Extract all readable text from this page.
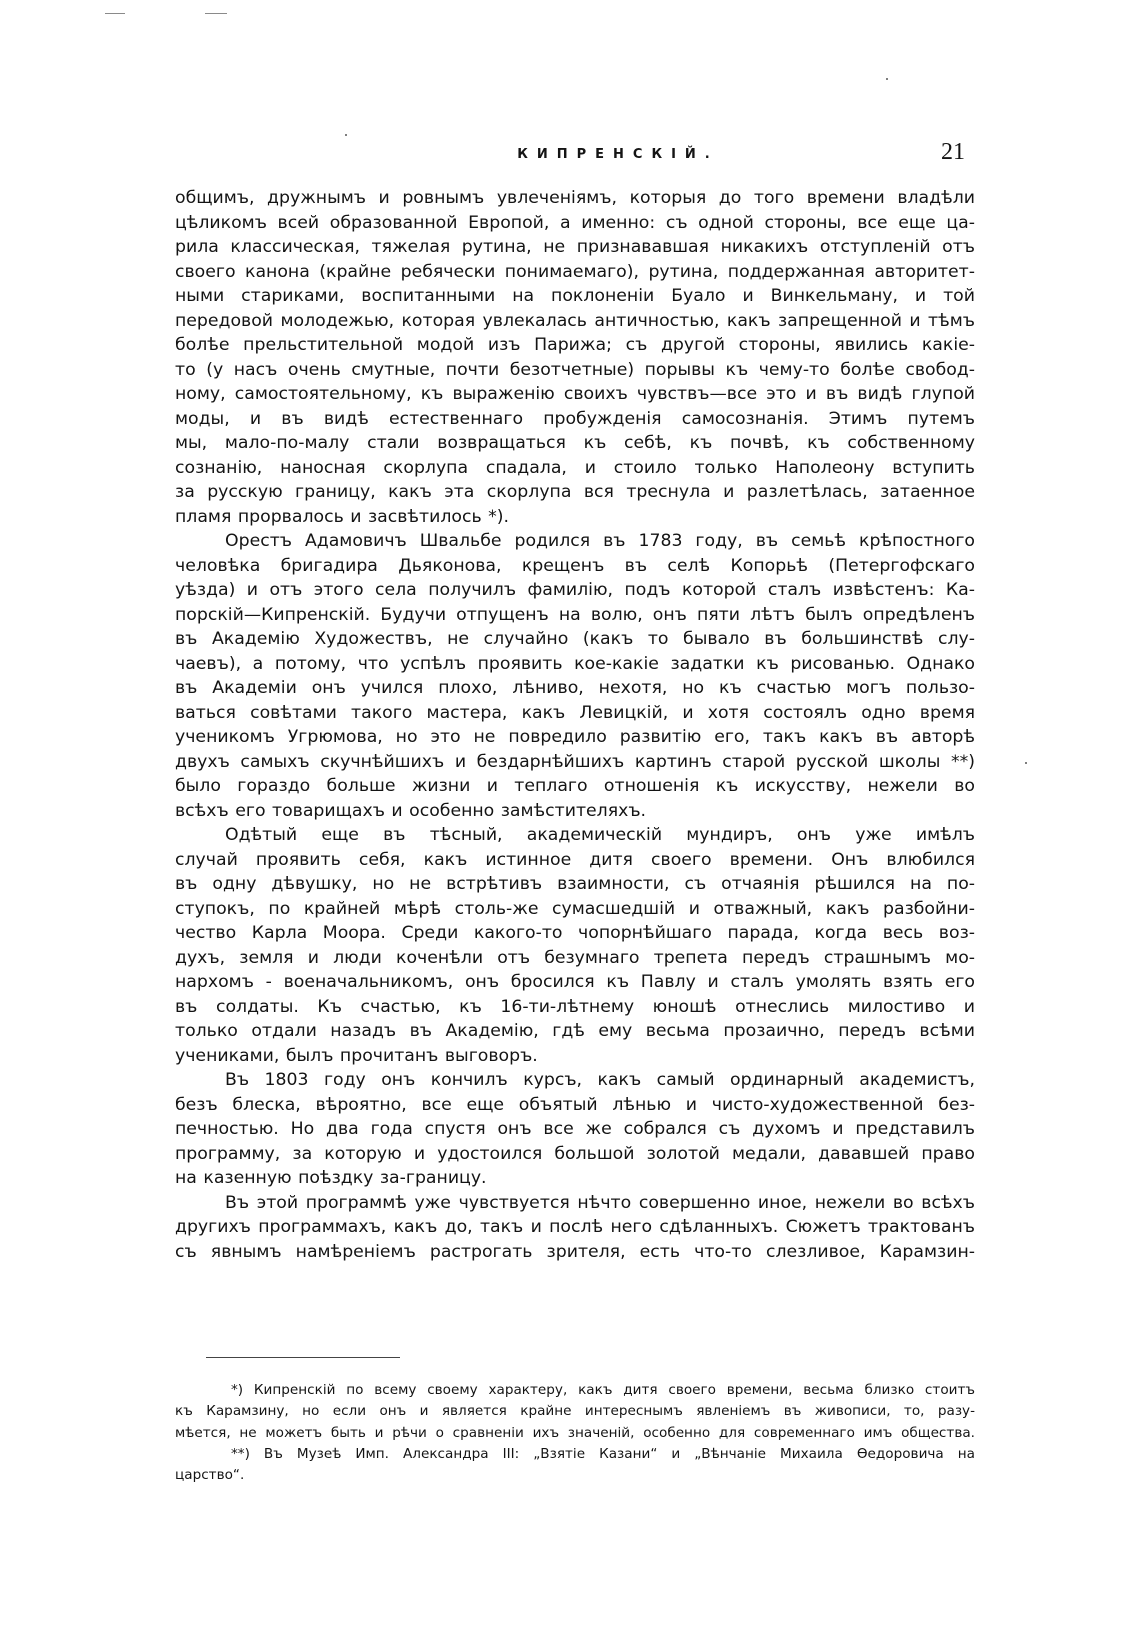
КИПРЕНСКІЙ.	21

общимъ, дружнымъ и ровнымъ увлеченіямъ, которыя до того времени владѣли
цѣликомъ всей образованной Европой, а именно: съ одной стороны, все еще ца-
рила классическая, тяжелая рутина, не признававшая никакихъ отступленій отъ
своего канона (крайне ребячески понимаемаго), рутина, поддержанная авторитет-
ными стариками, воспитанными на поклоненіи Буало и Винкельману, и той
передовой молодежью, которая увлекалась античностью, какъ запрещенной и тѣмъ
болѣе прельстительной модой изъ Парижа; съ другой стороны, явились какіе-
то (у насъ очень смутные, почти безотчетные) порывы къ чему-то болѣе свобод-
ному, самостоятельному, къ выраженію своихъ чувствъ—все это и въ видѣ глупой
моды, и въ видѣ естественнаго пробужденія самосознанія. Этимъ путемъ
мы, мало-по-малу стали возвращаться къ себѣ, къ почвѣ, къ собственному
сознанію, наносная скорлупа спадала, и стоило только Наполеону вступить
за русскую границу, какъ эта скорлупа вся треснула и разлетѣлась, затаенное
пламя прорвалось и засвѣтилось *).

Орестъ Адамовичъ Швальбе родился въ 1783 году, въ семьѣ крѣпостного
человѣка бригадира Дьяконова, крещенъ въ селѣ Копорьѣ (Петергофскаго
уѣзда) и отъ этого села получилъ фамилію, подъ которой сталъ извѣстенъ: Ка-
порскій—Кипренскій. Будучи отпущенъ на волю, онъ пяти лѣтъ былъ опредѣленъ
въ Академію Художествъ, не случайно (какъ то бывало въ большинствѣ слу-
чаевъ), а потому, что успѣлъ проявить кое-какіе задатки къ рисованью. Однако
въ Академіи онъ учился плохо, лѣниво, нехотя, но къ счастью могъ пользо-
ваться совѣтами такого мастера, какъ Левицкій, и хотя состоялъ одно время
ученикомъ Угрюмова, но это не повредило развитію его, такъ какъ въ авторѣ
двухъ самыхъ скучнѣйшихъ и бездарнѣйшихъ картинъ старой русской школы **)
было гораздо больше жизни и теплаго отношенія къ искусству, нежели во
всѣхъ его товарищахъ и особенно замѣстителяхъ.

Одѣтый еще въ тѣсный, академическій мундиръ, онъ уже имѣлъ
случай проявить себя, какъ истинное дитя своего времени. Онъ влюбился
въ одну дѣвушку, но не встрѣтивъ взаимности, съ отчаянія рѣшился на по-
ступокъ, по крайней мѣрѣ столь-же сумасшедшій и отважный, какъ разбойни-
чество Карла Моора. Среди какого-то чопорнѣйшаго парада, когда весь воз-
духъ, земля и люди коченѣли отъ безумнаго трепета передъ страшнымъ мо-
нархомъ - военачальникомъ, онъ бросился къ Павлу и сталъ умолять взять его
въ солдаты. Къ счастью, къ 16-ти-лѣтнему юношѣ отнеслись милостиво и
только отдали назадъ въ Академію, гдѣ ему весьма прозаично, передъ всѣми
учениками, былъ прочитанъ выговоръ.

Въ 1803 году онъ кончилъ курсъ, какъ самый ординарный академистъ,
безъ блеска, вѣроятно, все еще объятый лѣнью и чисто-художественной без-
печностью. Но два года спустя онъ все же собрался съ духомъ и представилъ
программу, за которую и удостоился большой золотой медали, дававшей право
на казенную поѣздку за-границу.

Въ этой программѣ уже чувствуется нѣчто совершенно иное, нежели во всѣхъ
другихъ программахъ, какъ до, такъ и послѣ него сдѣланныхъ. Сюжетъ трактованъ
съ явнымъ намѣреніемъ растрогать зрителя, есть что-то слезливое, Карамзин-

*) Кипренскій по всему своему характеру, какъ дитя своего времени, весьма близко стоитъ
къ Карамзину, но если онъ и является крайне интереснымъ явленіемъ въ живописи, то, разу-
мѣется, не можетъ быть и рѣчи о сравненіи ихъ значеній, особенно для современнаго имъ общества.

**) Въ Музеѣ Имп. Александра III: „Взятіе Казани“ и „Вѣнчаніе Михаила Ѳедоровича на
царство“.
